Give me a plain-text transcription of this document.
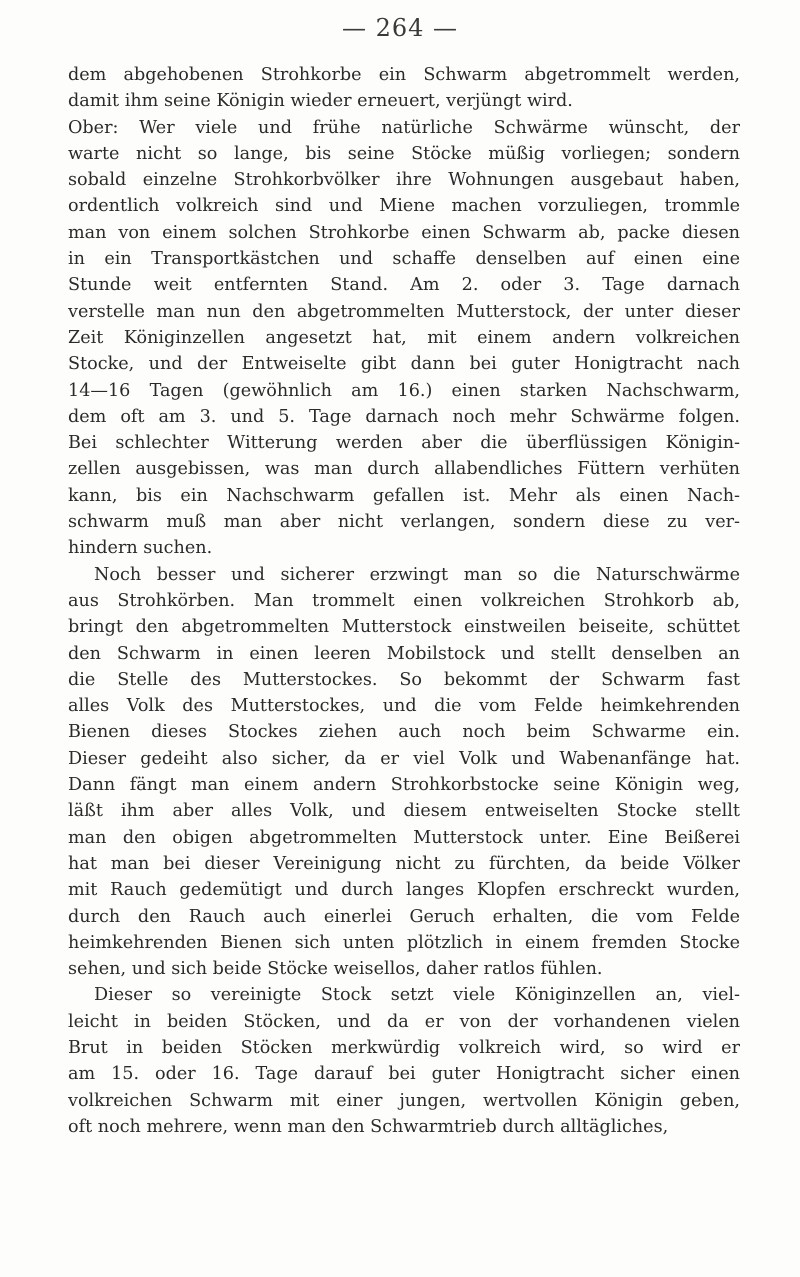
— 264 —
dem abgehobenen Strohkorbe ein Schwarm abgetrommelt werden,
damit ihm seine Königin wieder erneuert, verjüngt wird.
Ober: Wer viele und frühe natürliche Schwärme wünscht, der
warte nicht so lange, bis seine Stöcke müßig vorliegen; sondern
sobald einzelne Strohkorbvölker ihre Wohnungen ausgebaut haben,
ordentlich volkreich sind und Miene machen vorzuliegen, trommle
man von einem solchen Strohkorbe einen Schwarm ab, packe diesen
in ein Transportkästchen und schaffe denselben auf einen eine
Stunde weit entfernten Stand. Am 2. oder 3. Tage darnach
verstelle man nun den abgetrommelten Mutterstock, der unter dieser
Zeit Königinzellen angesetzt hat, mit einem andern volkreichen
Stocke, und der Entweiselte gibt dann bei guter Honigtracht nach
14—16 Tagen (gewöhnlich am 16.) einen starken Nachschwarm,
dem oft am 3. und 5. Tage darnach noch mehr Schwärme folgen.
Bei schlechter Witterung werden aber die überflüssigen Königin-
zellen ausgebissen, was man durch allabendliches Füttern verhüten
kann, bis ein Nachschwarm gefallen ist. Mehr als einen Nach-
schwarm muß man aber nicht verlangen, sondern diese zu ver-
hindern suchen.
Noch besser und sicherer erzwingt man so die Naturschwärme
aus Strohkörben. Man trommelt einen volkreichen Strohkorb ab,
bringt den abgetrommelten Mutterstock einstweilen beiseite, schüttet
den Schwarm in einen leeren Mobilstock und stellt denselben an
die Stelle des Mutterstockes. So bekommt der Schwarm fast
alles Volk des Mutterstockes, und die vom Felde heimkehrenden
Bienen dieses Stockes ziehen auch noch beim Schwarme ein.
Dieser gedeiht also sicher, da er viel Volk und Wabenanfänge hat.
Dann fängt man einem andern Strohkorbstocke seine Königin weg,
läßt ihm aber alles Volk, und diesem entweiselten Stocke stellt
man den obigen abgetrommelten Mutterstock unter. Eine Beißerei
hat man bei dieser Vereinigung nicht zu fürchten, da beide Völker
mit Rauch gedemütigt und durch langes Klopfen erschreckt wurden,
durch den Rauch auch einerlei Geruch erhalten, die vom Felde
heimkehrenden Bienen sich unten plötzlich in einem fremden Stocke
sehen, und sich beide Stöcke weisellos, daher ratlos fühlen.
Dieser so vereinigte Stock setzt viele Königinzellen an, viel-
leicht in beiden Stöcken, und da er von der vorhandenen vielen
Brut in beiden Stöcken merkwürdig volkreich wird, so wird er
am 15. oder 16. Tage darauf bei guter Honigtracht sicher einen
volkreichen Schwarm mit einer jungen, wertvollen Königin geben,
oft noch mehrere, wenn man den Schwarmtrieb durch alltägliches,
